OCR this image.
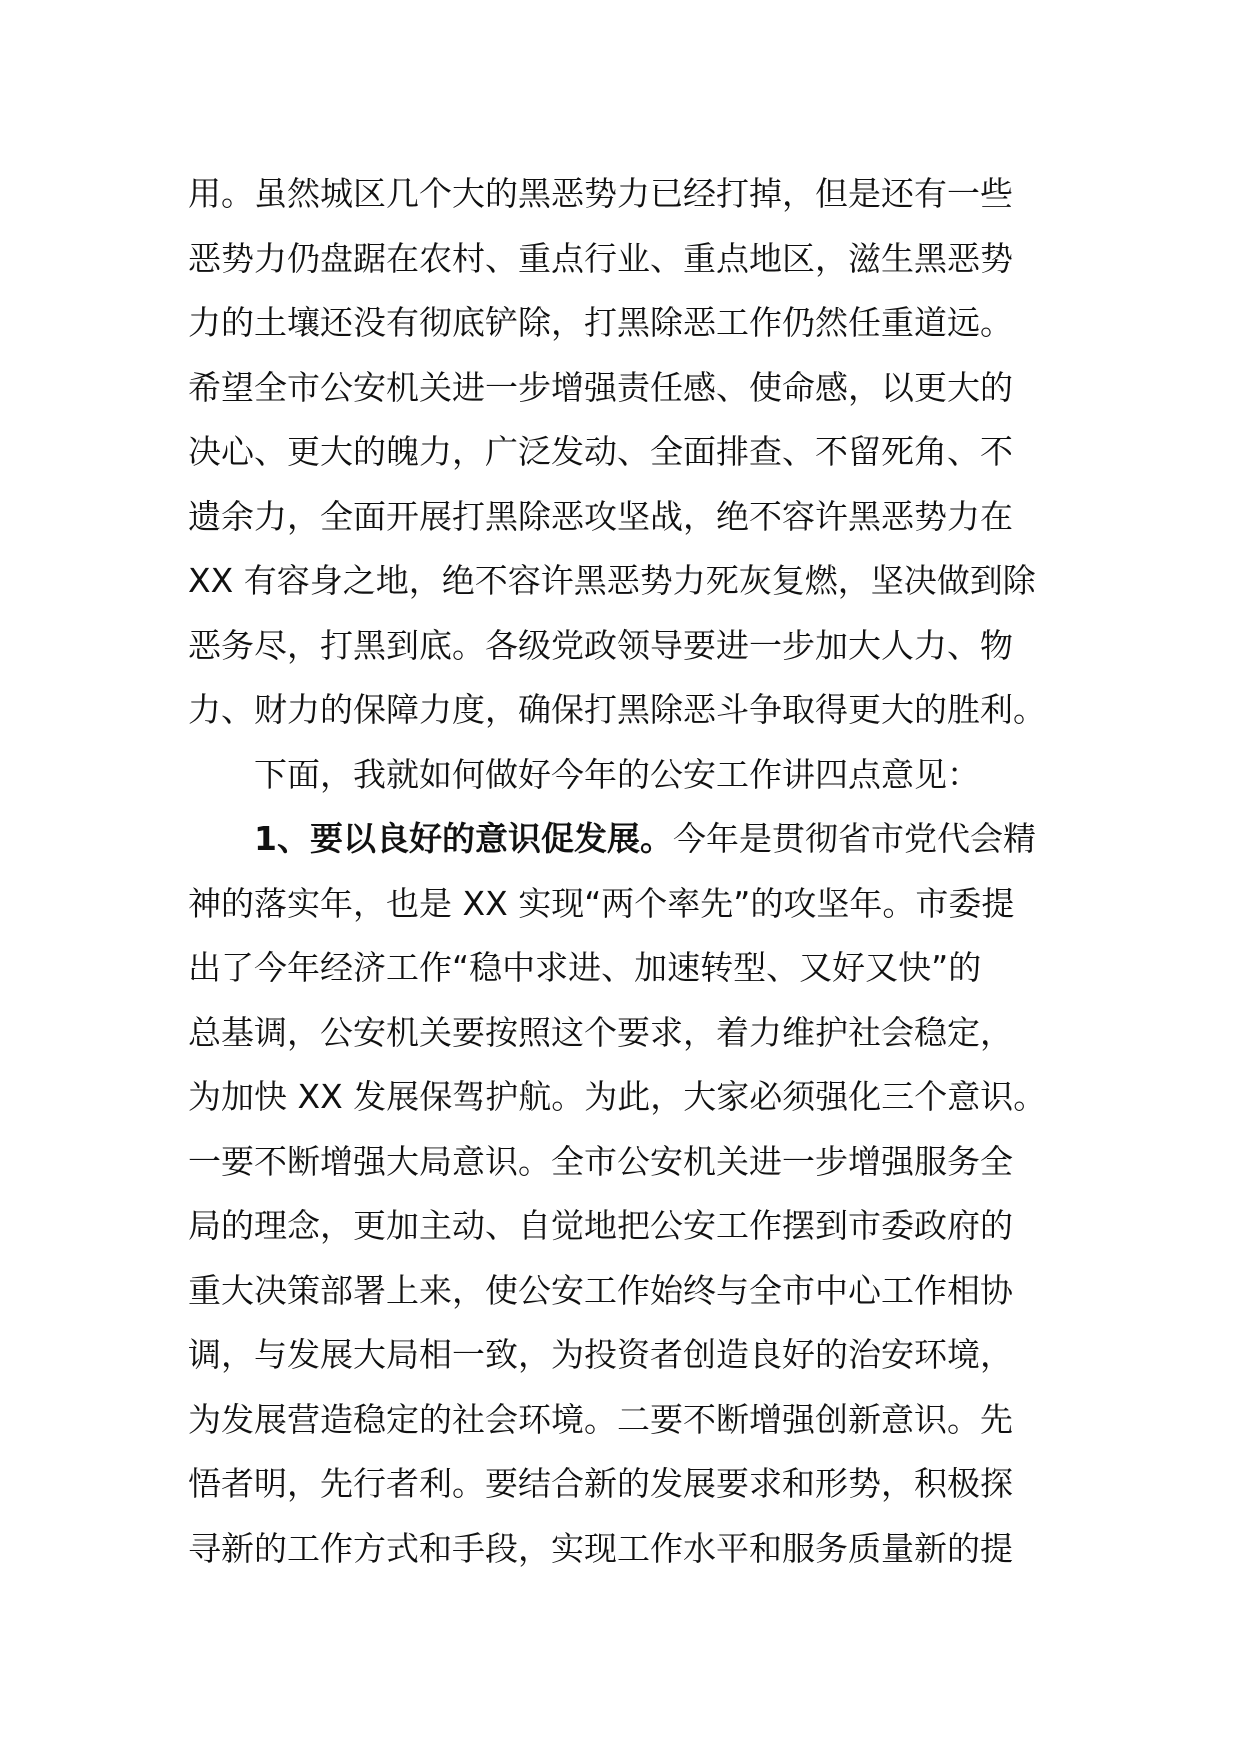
用。虽然城区几个大的黑恶势力已经打掉，但是还有一些
恶势力仍盘踞在农村、重点行业、重点地区，滋生黑恶势
力的土壤还没有彻底铲除，打黑除恶工作仍然任重道远。
希望全市公安机关进一步增强责任感、使命感，以更大的
决心、更大的魄力，广泛发动、全面排查、不留死角、不
遗余力，全面开展打黑除恶攻坚战，绝不容许黑恶势力在
XX 有容身之地，绝不容许黑恶势力死灰复燃，坚决做到除
恶务尽，打黑到底。各级党政领导要进一步加大人力、物
力、财力的保障力度，确保打黑除恶斗争取得更大的胜利。
下面，我就如何做好今年的公安工作讲四点意见：
1、要以良好的意识促发展。今年是贯彻省市党代会精
神的落实年，也是 XX 实现“两个率先”的攻坚年。市委提
出了今年经济工作“稳中求进、加速转型、又好又快”的
总基调，公安机关要按照这个要求，着力维护社会稳定，
为加快 XX 发展保驾护航。为此，大家必须强化三个意识。
一要不断增强大局意识。全市公安机关进一步增强服务全
局的理念，更加主动、自觉地把公安工作摆到市委政府的
重大决策部署上来，使公安工作始终与全市中心工作相协
调，与发展大局相一致，为投资者创造良好的治安环境，
为发展营造稳定的社会环境。二要不断增强创新意识。先
悟者明，先行者利。要结合新的发展要求和形势，积极探
寻新的工作方式和手段，实现工作水平和服务质量新的提
